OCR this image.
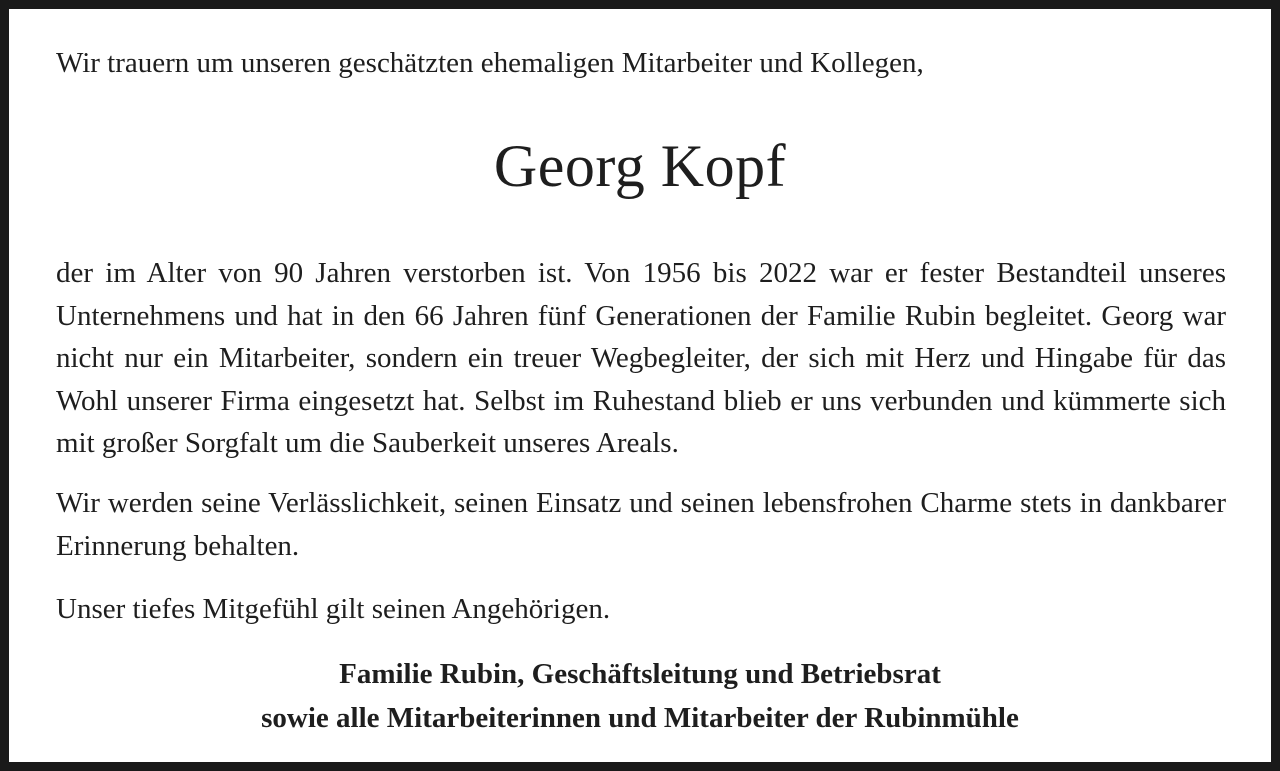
Wir trauern um unseren geschätzten ehemaligen Mitarbeiter und Kollegen,
Georg Kopf

der im Alter von 90 Jahren verstorben ist. Von 1956 bis 2022 war er fester Bestandteil unseres Unternehmens und hat in den 66 Jahren fünf Generationen der Familie Rubin begleitet. Georg war nicht nur ein Mitarbeiter, sondern ein treuer Wegbegleiter, der sich mit Herz und Hingabe für das Wohl unserer Firma eingesetzt hat. Selbst im Ruhestand blieb er uns verbunden und kümmerte sich mit großer Sorgfalt um die Sauberkeit unseres Areals.

Wir werden seine Verlässlichkeit, seinen Einsatz und seinen lebensfrohen Charme stets in dankbarer Erinnerung behalten.

Unser tiefes Mitgefühl gilt seinen Angehörigen.

Familie Rubin, Geschäftsleitung und Betriebsrat
sowie alle Mitarbeiterinnen und Mitarbeiter der Rubinmühle
